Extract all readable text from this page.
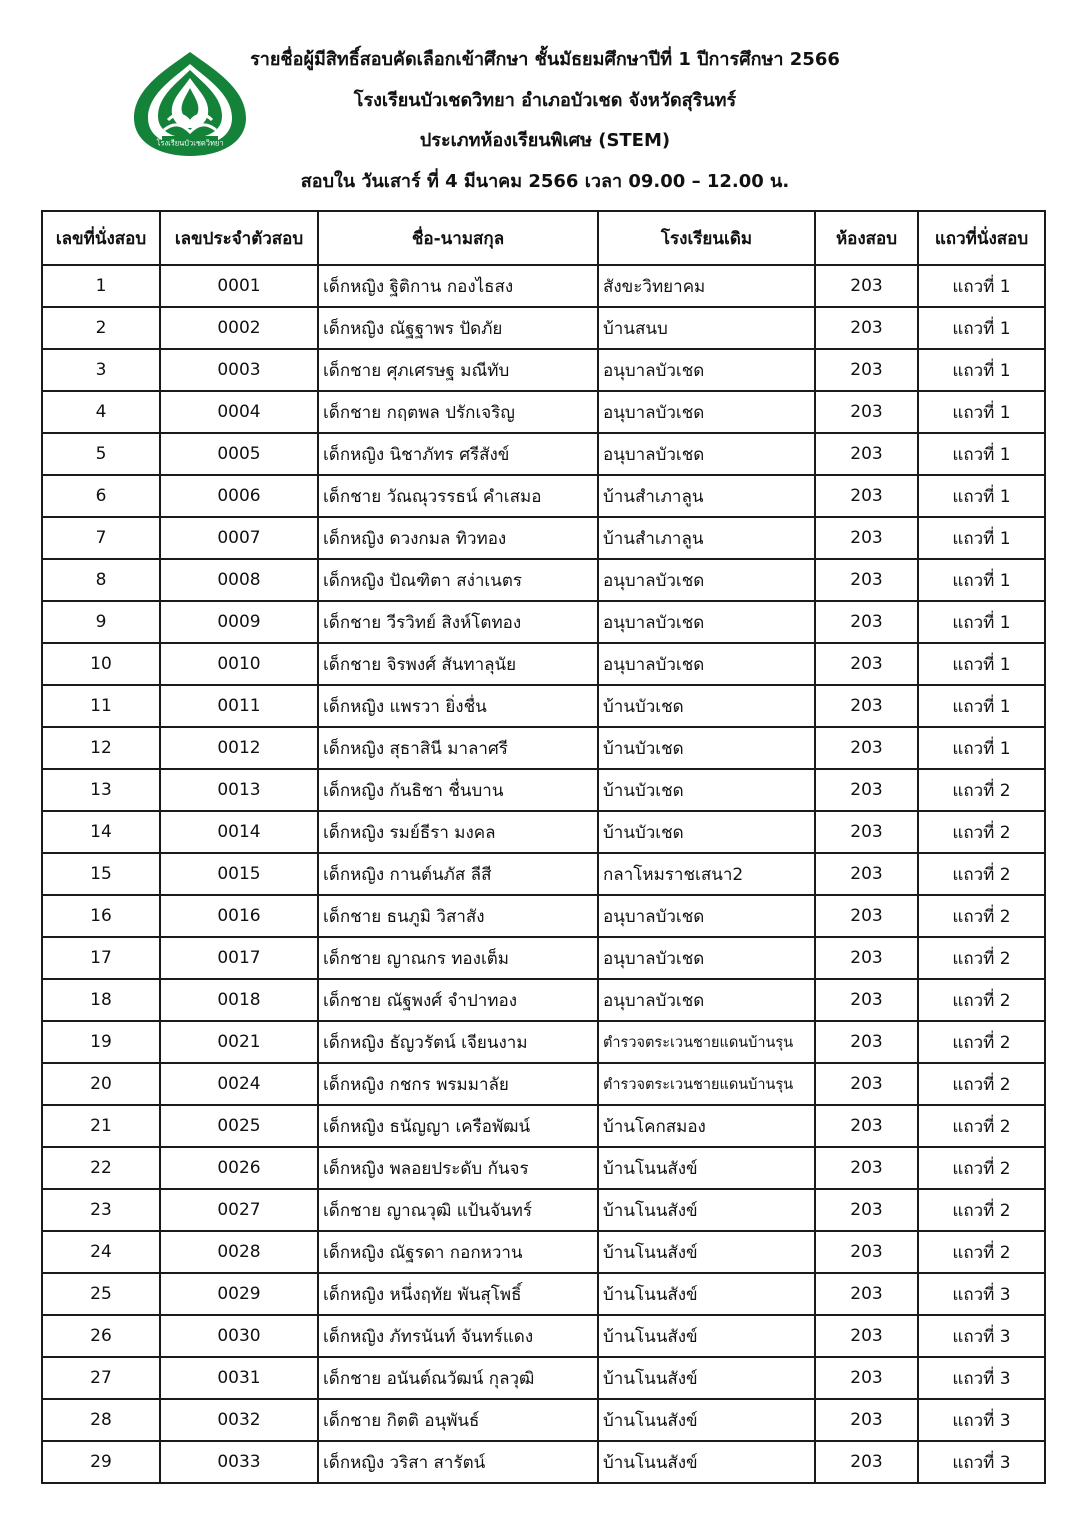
โรงเรียนบัวเชดวิทยา
รายชื่อผู้มีสิทธิ์สอบคัดเลือกเข้าศึกษา ชั้นมัธยมศึกษาปีที่ 1 ปีการศึกษา 2566
โรงเรียนบัวเชดวิทยา อำเภอบัวเชด จังหวัดสุรินทร์
ประเภทห้องเรียนพิเศษ (STEM)
สอบใน วันเสาร์ ที่ 4 มีนาคม 2566 เวลา 09.00 – 12.00 น.
เลขที่นั่งสอบ	เลขประจำตัวสอบ	ชื่อ-นามสกุล	โรงเรียนเดิม	ห้องสอบ	แถวที่นั่งสอบ
1	0001	เด็กหญิง ฐิติกาน กองไธสง	สังขะวิทยาคม	203	แถวที่ 1
2	0002	เด็กหญิง ณัฐฐาพร ปัดภัย	บ้านสนบ	203	แถวที่ 1
3	0003	เด็กชาย ศุภเศรษฐ มณีทับ	อนุบาลบัวเชด	203	แถวที่ 1
4	0004	เด็กชาย กฤตพล ปรักเจริญ	อนุบาลบัวเชด	203	แถวที่ 1
5	0005	เด็กหญิง นิชาภัทร ศรีสังข์	อนุบาลบัวเชด	203	แถวที่ 1
6	0006	เด็กชาย วัณณุวรรธน์ คำเสมอ	บ้านสำเภาลูน	203	แถวที่ 1
7	0007	เด็กหญิง ดวงกมล ทิวทอง	บ้านสำเภาลูน	203	แถวที่ 1
8	0008	เด็กหญิง ปัณฑิตา สง่าเนตร	อนุบาลบัวเชด	203	แถวที่ 1
9	0009	เด็กชาย วีรวิทย์ สิงห์โตทอง	อนุบาลบัวเชด	203	แถวที่ 1
10	0010	เด็กชาย จิรพงศ์ สันทาลุนัย	อนุบาลบัวเชด	203	แถวที่ 1
11	0011	เด็กหญิง แพรวา ยิ่งชื่น	บ้านบัวเชด	203	แถวที่ 1
12	0012	เด็กหญิง สุธาสินี มาลาศรี	บ้านบัวเชด	203	แถวที่ 1
13	0013	เด็กหญิง กันธิชา ชื่นบาน	บ้านบัวเชด	203	แถวที่ 2
14	0014	เด็กหญิง รมย์ธีรา มงคล	บ้านบัวเชด	203	แถวที่ 2
15	0015	เด็กหญิง กานต์นภัส ลีสี	กลาโหมราชเสนา2	203	แถวที่ 2
16	0016	เด็กชาย ธนภูมิ วิสาสัง	อนุบาลบัวเชด	203	แถวที่ 2
17	0017	เด็กชาย ญาณกร ทองเต็ม	อนุบาลบัวเชด	203	แถวที่ 2
18	0018	เด็กชาย ณัฐพงศ์ จำปาทอง	อนุบาลบัวเชด	203	แถวที่ 2
19	0021	เด็กหญิง ธัญวรัตน์ เจียนงาม	ตำรวจตระเวนชายแดนบ้านรุน	203	แถวที่ 2
20	0024	เด็กหญิง กชกร พรมมาลัย	ตำรวจตระเวนชายแดนบ้านรุน	203	แถวที่ 2
21	0025	เด็กหญิง ธนัญญา เครือพัฒน์	บ้านโคกสมอง	203	แถวที่ 2
22	0026	เด็กหญิง พลอยประดับ กันจร	บ้านโนนสังข์	203	แถวที่ 2
23	0027	เด็กชาย ญาณวุฒิ แป้นจันทร์	บ้านโนนสังข์	203	แถวที่ 2
24	0028	เด็กหญิง ณัฐรดา กอกหวาน	บ้านโนนสังข์	203	แถวที่ 2
25	0029	เด็กหญิง หนึ่งฤทัย พันสุโพธิ์	บ้านโนนสังข์	203	แถวที่ 3
26	0030	เด็กหญิง ภัทรนันท์ จันทร์แดง	บ้านโนนสังข์	203	แถวที่ 3
27	0031	เด็กชาย อนันต์ณวัฒน์ กุลวุฒิ	บ้านโนนสังข์	203	แถวที่ 3
28	0032	เด็กชาย กิตติ อนุพันธ์	บ้านโนนสังข์	203	แถวที่ 3
29	0033	เด็กหญิง วริสา สารัตน์	บ้านโนนสังข์	203	แถวที่ 3
